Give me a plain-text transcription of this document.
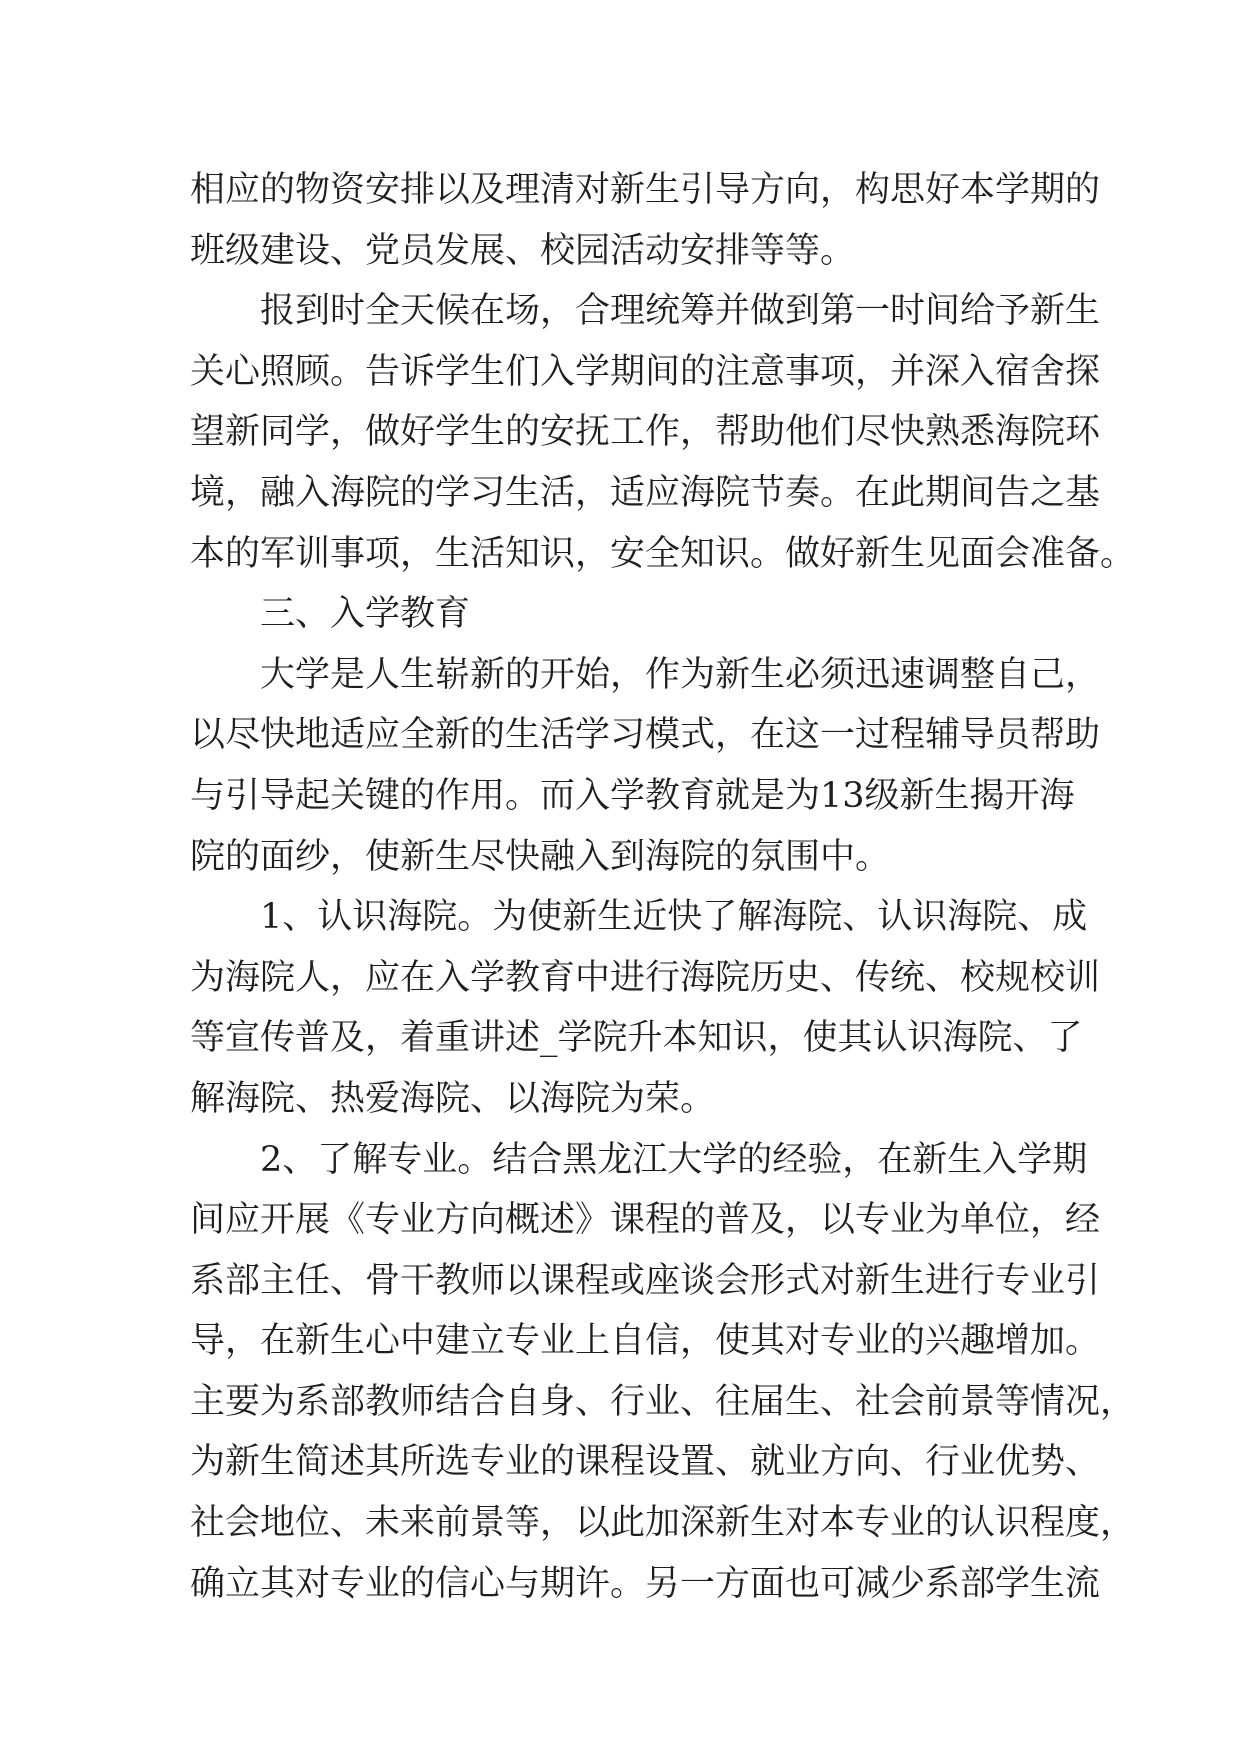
相应的物资安排以及理清对新生引导方向，构思好本学期的
班级建设、党员发展、校园活动安排等等。
报到时全天候在场，合理统筹并做到第一时间给予新生
关心照顾。告诉学生们入学期间的注意事项，并深入宿舍探
望新同学，做好学生的安抚工作，帮助他们尽快熟悉海院环
境，融入海院的学习生活，适应海院节奏。在此期间告之基
本的军训事项，生活知识，安全知识。做好新生见面会准备。
三、入学教育
大学是人生崭新的开始，作为新生必须迅速调整自己，
以尽快地适应全新的生活学习模式，在这一过程辅导员帮助
与引导起关键的作用。而入学教育就是为13级新生揭开海
院的面纱，使新生尽快融入到海院的氛围中。
1、认识海院。为使新生近快了解海院、认识海院、成
为海院人，应在入学教育中进行海院历史、传统、校规校训
等宣传普及，着重讲述_学院升本知识，使其认识海院、了
解海院、热爱海院、以海院为荣。
2、了解专业。结合黑龙江大学的经验，在新生入学期
间应开展《专业方向概述》课程的普及，以专业为单位，经
系部主任、骨干教师以课程或座谈会形式对新生进行专业引
导，在新生心中建立专业上自信，使其对专业的兴趣增加。
主要为系部教师结合自身、行业、往届生、社会前景等情况，
为新生简述其所选专业的课程设置、就业方向、行业优势、
社会地位、未来前景等，以此加深新生对本专业的认识程度，
确立其对专业的信心与期许。另一方面也可减少系部学生流
